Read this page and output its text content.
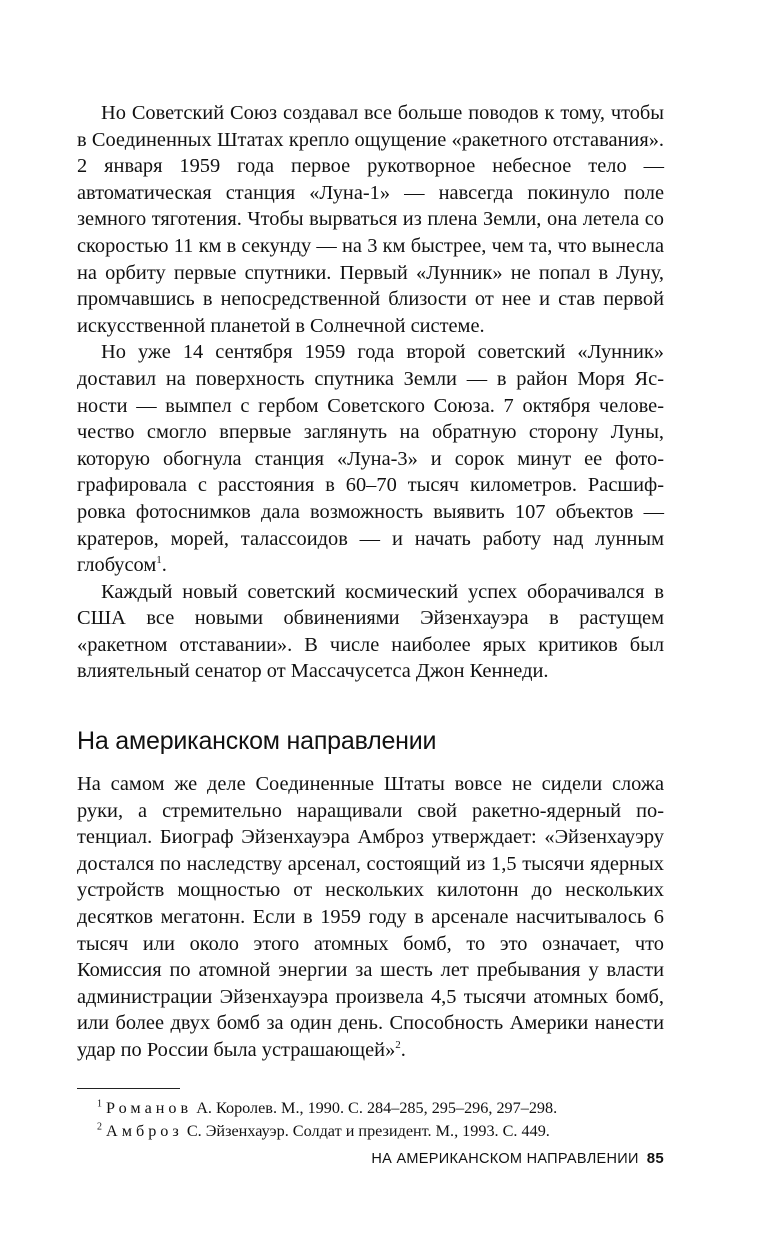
Но Советский Союз создавал все больше поводов к тому, чтобы в Соединенных Штатах крепло ощущение «ракетного отставания». 2 января 1959 года первое рукотворное небесное тело — автоматическая станция «Луна-1» — навсегда покинуло поле земного тяготения. Чтобы вырваться из плена Земли, она летела со скоростью 11 км в секунду — на 3 км быстрее, чем та, что вынесла на орбиту первые спутники. Первый «Лунник» не попал в Луну, промчавшись в непосредственной близости от нее и став первой искусственной планетой в Солнечной системе.

Но уже 14 сентября 1959 года второй советский «Лунник» доставил на поверхность спутника Земли — в район Моря Ясности — вымпел с гербом Советского Союза. 7 октября человечество смогло впервые заглянуть на обратную сторону Луны, которую обогнула станция «Луна-3» и сорок минут ее фотографировала с расстояния в 60–70 тысяч километров. Расшифровка фотоснимков дала возможность выявить 107 объектов — кратеров, морей, талассоидов — и начать работу над лунным глобусом$^1$.

Каждый новый советский космический успех оборачивался в США все новыми обвинениями Эйзенхауэра в растущем «ракетном отставании». В числе наиболее ярых критиков был влиятельный сенатор от Массачусетса Джон Кеннеди.

На американском направлении

На самом же деле Соединенные Штаты вовсе не сидели сложа руки, а стремительно наращивали свой ракетно-ядерный потенциал. Биограф Эйзенхауэра Амброз утверждает: «Эйзенхауэру достался по наследству арсенал, состоящий из 1,5 тысячи ядерных устройств мощностью от нескольких килотонн до нескольких десятков мегатонн. Если в 1959 году в арсенале насчитывалось 6 тысяч или около этого атомных бомб, то это означает, что Комиссия по атомной энергии за шесть лет пребывания у власти администрации Эйзенхауэра произвела 4,5 тысячи атомных бомб, или более двух бомб за один день. Способность Америки нанести удар по России была устрашающей»$^2$.

$^1$ Романов А. Королев. М., 1990. С. 284–285, 295–296, 297–298.

$^2$ Амброз С. Эйзенхауэр. Солдат и президент. М., 1993. С. 449.

НА АМЕРИКАНСКОМ НАПРАВЛЕНИИ 85
